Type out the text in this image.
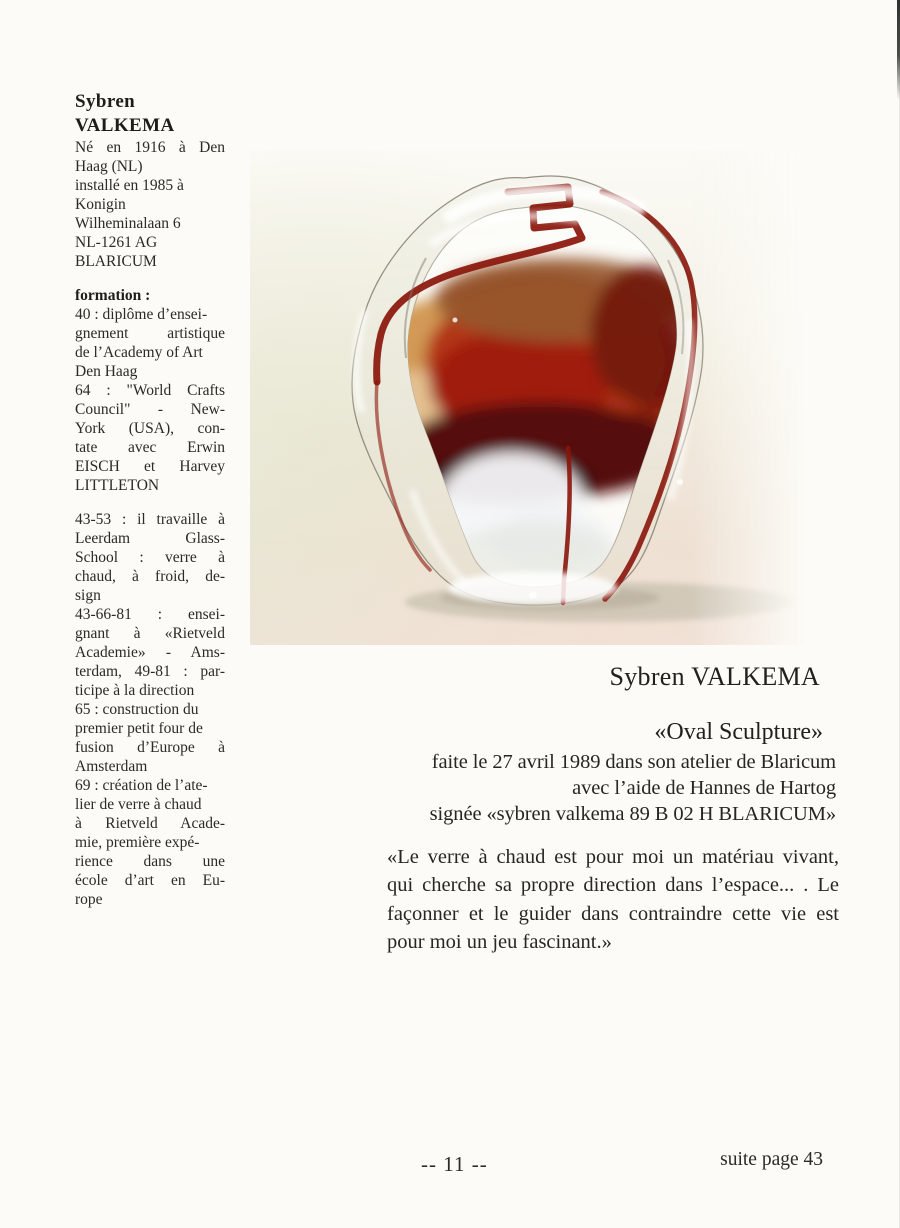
Sybren
VALKEMA
Né en 1916 à Den
Haag (NL)
installé en 1985 à
Konigin
Wilheminalaan 6
NL-1261 AG
BLARICUM
formation :
40 : diplôme d’ensei-
gnement artistique
de l’Academy of Art
Den Haag
64 : "World Crafts
Council" - New-
York (USA), con-
tate avec Erwin
EISCH et Harvey
LITTLETON
43-53 : il travaille à
Leerdam Glass-
School : verre à
chaud, à froid, de-
sign
43-66-81 : ensei-
gnant à «Rietveld
Academie» - Ams-
terdam, 49-81 : par-
ticipe à la direction
65 : construction du
premier petit four de
fusion d’Europe à
Amsterdam
69 : création de l’ate-
lier de verre à chaud
à Rietveld Acade-
mie, première expé-
rience dans une
école d’art en Eu-
rope
Sybren VALKEMA
«Oval Sculpture»
faite le 27 avril 1989 dans son atelier de Blaricum
avec l’aide de Hannes de Hartog
signée «sybren valkema 89 B 02 H BLARICUM»
«Le verre à chaud est pour moi un matériau vivant,
qui cherche sa propre direction dans l’espace... . Le
façonner et le guider dans contraindre cette vie est
pour moi un jeu fascinant.»
-- 11 --	suite page 43
